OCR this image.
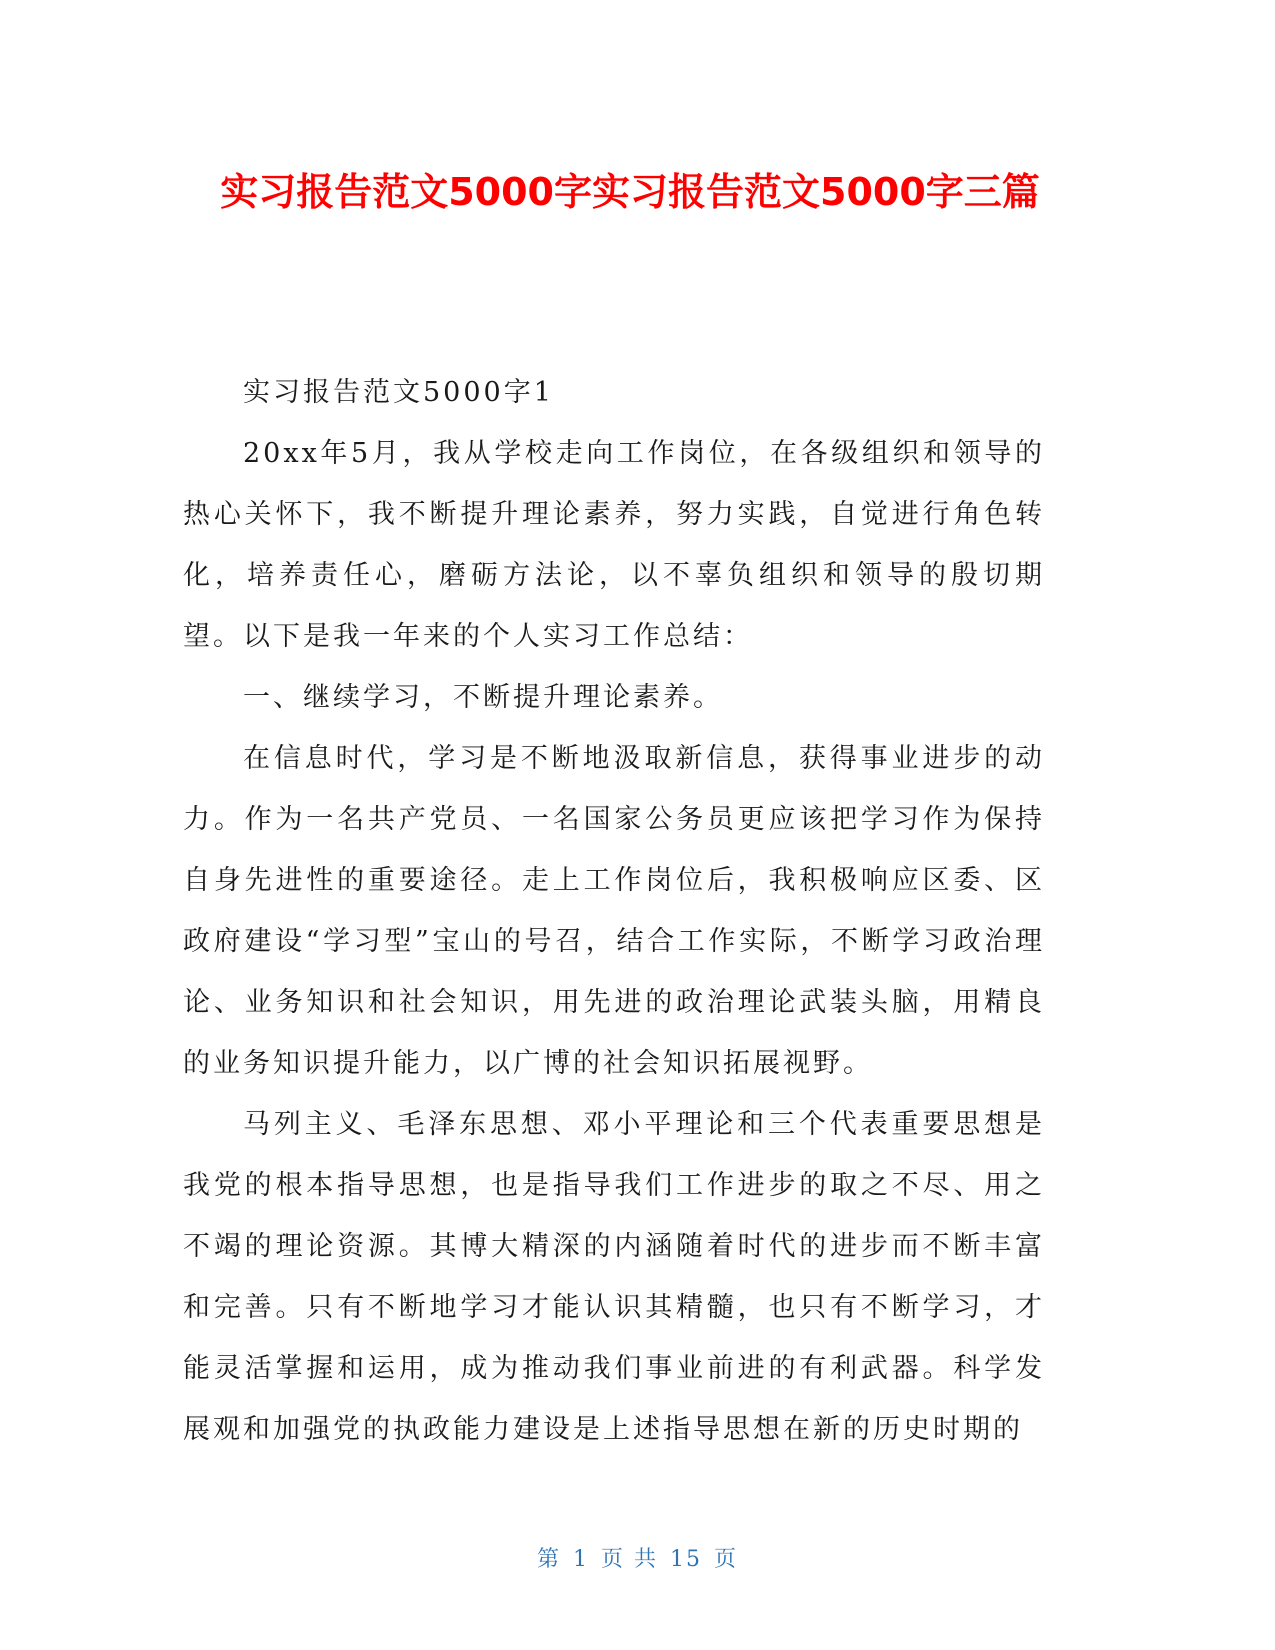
实习报告范文5000字实习报告范文5000字三篇

实习报告范文5000字1

20xx年5月，我从学校走向工作岗位，在各级组织和领导的热心关怀下，我不断提升理论素养，努力实践，自觉进行角色转化，培养责任心，磨砺方法论，以不辜负组织和领导的殷切期望。以下是我一年来的个人实习工作总结：

一、继续学习，不断提升理论素养。

在信息时代，学习是不断地汲取新信息，获得事业进步的动力。作为一名共产党员、一名国家公务员更应该把学习作为保持自身先进性的重要途径。走上工作岗位后，我积极响应区委、区政府建设“学习型”宝山的号召，结合工作实际，不断学习政治理论、业务知识和社会知识，用先进的政治理论武装头脑，用精良的业务知识提升能力，以广博的社会知识拓展视野。

马列主义、毛泽东思想、邓小平理论和三个代表重要思想是我党的根本指导思想，也是指导我们工作进步的取之不尽、用之不竭的理论资源。其博大精深的内涵随着时代的进步而不断丰富和完善。只有不断地学习才能认识其精髓，也只有不断学习，才能灵活掌握和运用，成为推动我们事业前进的有利武器。科学发展观和加强党的执政能力建设是上述指导思想在新的历史时期的

第 1 页 共 15 页
